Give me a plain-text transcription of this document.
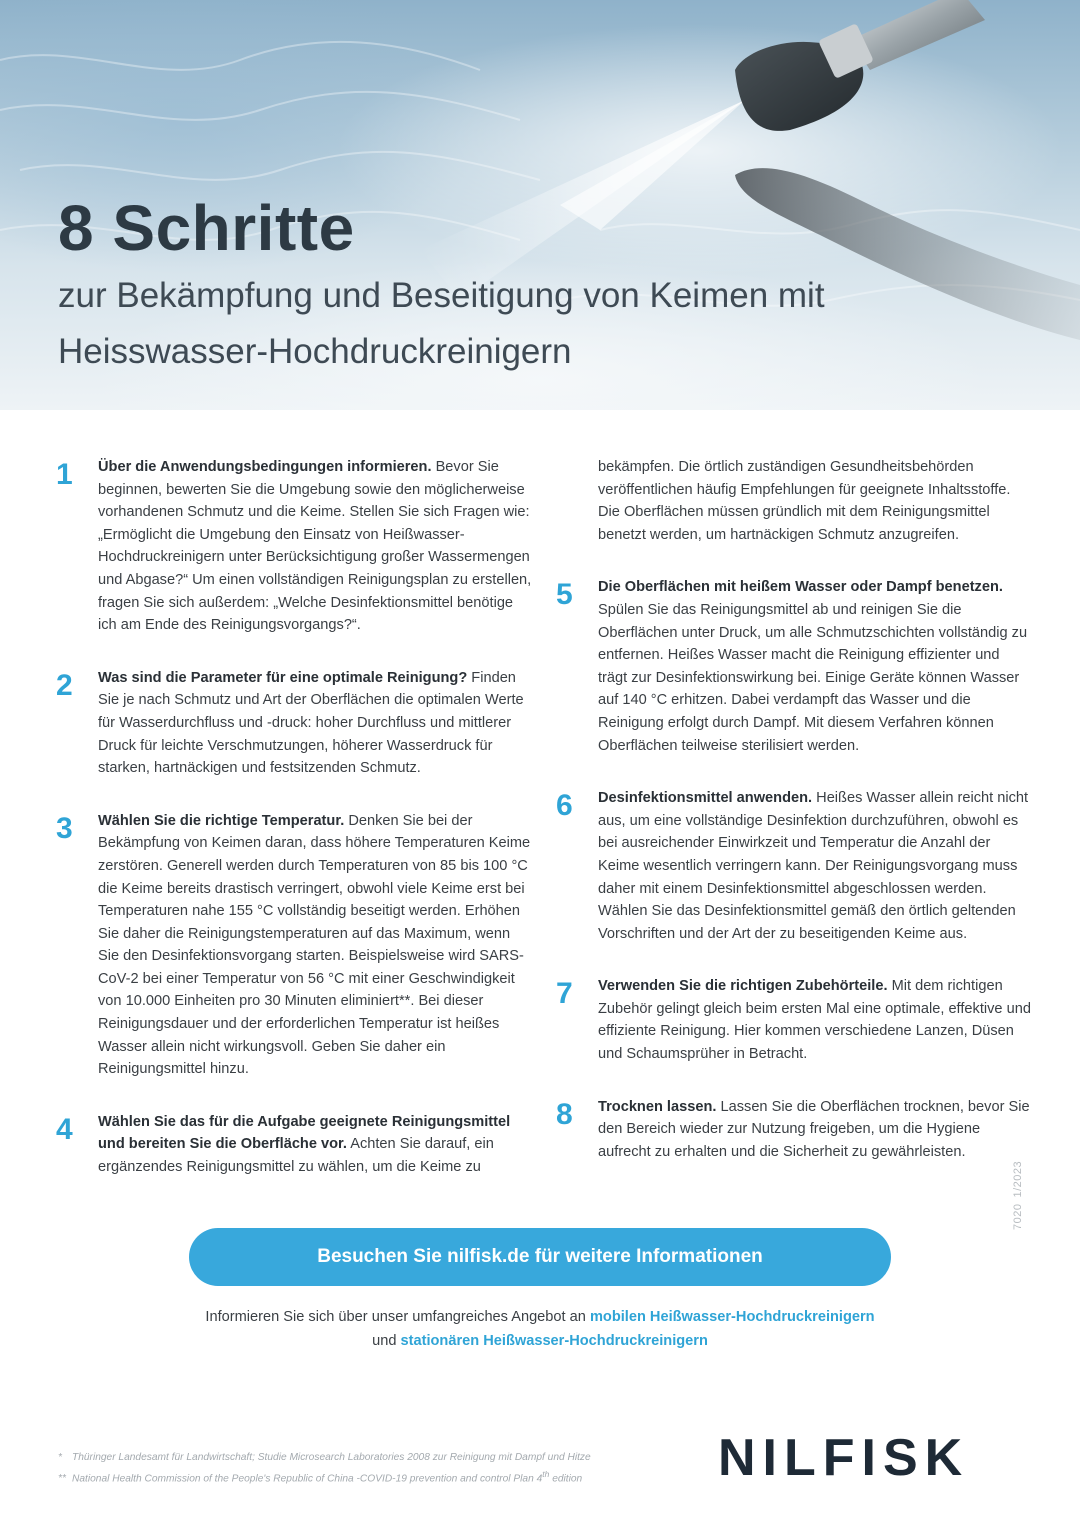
8 Schritte

zur Bekämpfung und Beseitigung von Keimen mit Heisswasser-Hochdruckreinigern

1 Über die Anwendungsbedingungen informieren. Bevor Sie beginnen, bewerten Sie die Umgebung sowie den möglicherweise vorhandenen Schmutz und die Keime. Stellen Sie sich Fragen wie: „Ermöglicht die Umgebung den Einsatz von Heißwasser-Hochdruckreinigern unter Berücksichtigung großer Wassermengen und Abgase?“ Um einen vollständigen Reinigungsplan zu erstellen, fragen Sie sich außerdem: „Welche Desinfektionsmittel benötige ich am Ende des Reinigungsvorgangs?“.

2 Was sind die Parameter für eine optimale Reinigung? Finden Sie je nach Schmutz und Art der Oberflächen die optimalen Werte für Wasserdurchfluss und -druck: hoher Durchfluss und mittlerer Druck für leichte Verschmutzungen, höherer Wasserdruck für starken, hartnäckigen und festsitzenden Schmutz.

3 Wählen Sie die richtige Temperatur. Denken Sie bei der Bekämpfung von Keimen daran, dass höhere Temperaturen Keime zerstören. Generell werden durch Temperaturen von 85 bis 100 °C die Keime bereits drastisch verringert, obwohl viele Keime erst bei Temperaturen nahe 155 °C vollständig beseitigt werden. Erhöhen Sie daher die Reinigungstemperaturen auf das Maximum, wenn Sie den Desinfektionsvorgang starten. Beispielsweise wird SARS-CoV-2 bei einer Temperatur von 56 °C mit einer Geschwindigkeit von 10.000 Einheiten pro 30 Minuten eliminiert**. Bei dieser Reinigungsdauer und der erforderlichen Temperatur ist heißes Wasser allein nicht wirkungsvoll. Geben Sie daher ein Reinigungsmittel hinzu.

4 Wählen Sie das für die Aufgabe geeignete Reinigungsmittel und bereiten Sie die Oberfläche vor. Achten Sie darauf, ein ergänzendes Reinigungsmittel zu wählen, um die Keime zu

bekämpfen. Die örtlich zuständigen Gesundheitsbehörden veröffentlichen häufig Empfehlungen für geeignete Inhaltsstoffe. Die Oberflächen müssen gründlich mit dem Reinigungsmittel benetzt werden, um hartnäckigen Schmutz anzugreifen.

5 Die Oberflächen mit heißem Wasser oder Dampf benetzen. Spülen Sie das Reinigungsmittel ab und reinigen Sie die Oberflächen unter Druck, um alle Schmutzschichten vollständig zu entfernen. Heißes Wasser macht die Reinigung effizienter und trägt zur Desinfektionswirkung bei. Einige Geräte können Wasser auf 140 °C erhitzen. Dabei verdampft das Wasser und die Reinigung erfolgt durch Dampf. Mit diesem Verfahren können Oberflächen teilweise sterilisiert werden.

6 Desinfektionsmittel anwenden. Heißes Wasser allein reicht nicht aus, um eine vollständige Desinfektion durchzuführen, obwohl es bei ausreichender Einwirkzeit und Temperatur die Anzahl der Keime wesentlich verringern kann. Der Reinigungsvorgang muss daher mit einem Desinfektionsmittel abgeschlossen werden. Wählen Sie das Desinfektionsmittel gemäß den örtlich geltenden Vorschriften und der Art der zu beseitigenden Keime aus.

7 Verwenden Sie die richtigen Zubehörteile. Mit dem richtigen Zubehör gelingt gleich beim ersten Mal eine optimale, effektive und effiziente Reinigung. Hier kommen verschiedene Lanzen, Düsen und Schaumsprüher in Betracht.

8 Trocknen lassen. Lassen Sie die Oberflächen trocknen, bevor Sie den Bereich wieder zur Nutzung freigeben, um die Hygiene aufrecht zu erhalten und die Sicherheit zu gewährleisten.

70201/2023
Besuchen Sie nilfisk.de für weitere Informationen
Informieren Sie sich über unser umfangreiches Angebot an mobilen Heißwasser-Hochdruckreinigern
und stationären Heißwasser-Hochdruckreinigern
* Thüringer Landesamt für Landwirtschaft; Studie Microsearch Laboratories 2008 zur Reinigung mit Dampf und Hitze
** National Health Commission of the People's Republic of China -COVID-19 prevention and control Plan 4th edition	NILFISK
